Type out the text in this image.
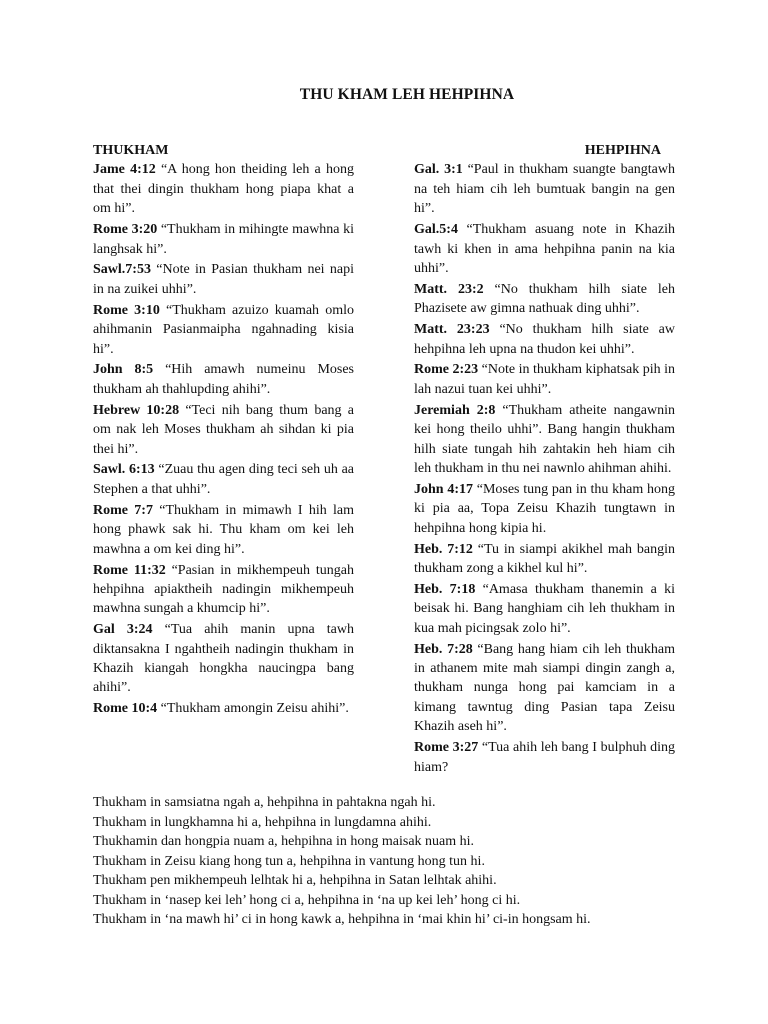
THU KHAM LEH HEHPIHNA
THUKHAM
Jame 4:12 “A hong hon theiding leh a hong that thei dingin thukham hong piapa khat a om hi”.
Rome 3:20 “Thukham in mihingte mawhna ki langhsak hi”.
Sawl.7:53 “Note in Pasian thukham nei napi in na zuikei uhhi”.
Rome 3:10 “Thukham azuizo kuamah omlo ahihmanin Pasianmaipha ngahnading kisia hi”.
John 8:5 “Hih amawh numeinu Moses thukham ah thahlupding ahihi”.
Hebrew 10:28 “Teci nih bang thum bang a om nak leh Moses thukham ah sihdan ki pia thei hi”.
Sawl. 6:13 “Zuau thu agen ding teci seh uh aa Stephen a that uhhi”.
Rome 7:7 “Thukham in mimawh I hih lam hong phawk sak hi. Thu kham om kei leh mawhna a om kei ding hi”.
Rome 11:32 “Pasian in mikhempeuh tungah hehpihna apiaktheih nadingin mikhempeuh mawhna sungah a khumcip hi”.
Gal 3:24 “Tua ahih manin upna tawh diktansakna I ngahtheih nadingin thukham in Khazih kiangah hongkha naucingpa bang ahihi”.
Rome 10:4 “Thukham amongin Zeisu ahihi”.
HEHPIHNA
Gal. 3:1 “Paul in thukham suangte bangtawh na teh hiam cih leh bumtuak bangin na gen hi”.
Gal.5:4 “Thukham asuang note in Khazih tawh ki khen in ama hehpihna panin na kia uhhi”.
Matt. 23:2 “No thukham hilh siate leh Phazisete aw gimna nathuak ding uhhi”.
Matt. 23:23 “No thukham hilh siate aw hehpihna leh upna na thudon kei uhhi”.
Rome 2:23 “Note in thukham kiphatsak pih in lah nazui tuan kei uhhi”.
Jeremiah 2:8 “Thukham atheite nangawnin kei hong theilo uhhi”. Bang hangin thukham hilh siate tungah hih zahtakin heh hiam cih leh thukham in thu nei nawnlo ahihman ahihi.
John 4:17 “Moses tung pan in thu kham hong ki pia aa, Topa Zeisu Khazih tungtawn in hehpihna hong kipia hi.
Heb. 7:12 “Tu in siampi akikhel mah bangin thukham zong a kikhel kul hi”.
Heb. 7:18 “Amasa thukham thanemin a ki beisak hi. Bang hanghiam cih leh thukham in kua mah picingsak zolo hi”.
Heb. 7:28 “Bang hang hiam cih leh thukham in athanem mite mah siampi dingin zangh a, thukham nunga hong pai kamciam in a kimang tawntug ding Pasian tapa Zeisu Khazih aseh hi”.
Rome 3:27 “Tua ahih leh bang I bulphuh ding hiam?
Thukham in samsiatna ngah a, hehpihna in pahtakna ngah hi.
Thukham in lungkhamna hi a, hehpihna in lungdamna ahihi.
Thukhamin dan hongpia nuam a, hehpihna in hong maisak nuam hi.
Thukham in Zeisu kiang hong tun a, hehpihna in vantung hong tun hi.
Thukham pen mikhempeuh lelhtak hi a, hehpihna in Satan lelhtak ahihi.
Thukham in ‘nasep kei leh’ hong ci a, hehpihna in ‘na up kei leh’ hong ci hi.
Thukham in ‘na mawh hi’ ci in hong kawk a, hehpihna in ‘mai khin hi’ ci-in hongsam hi.
